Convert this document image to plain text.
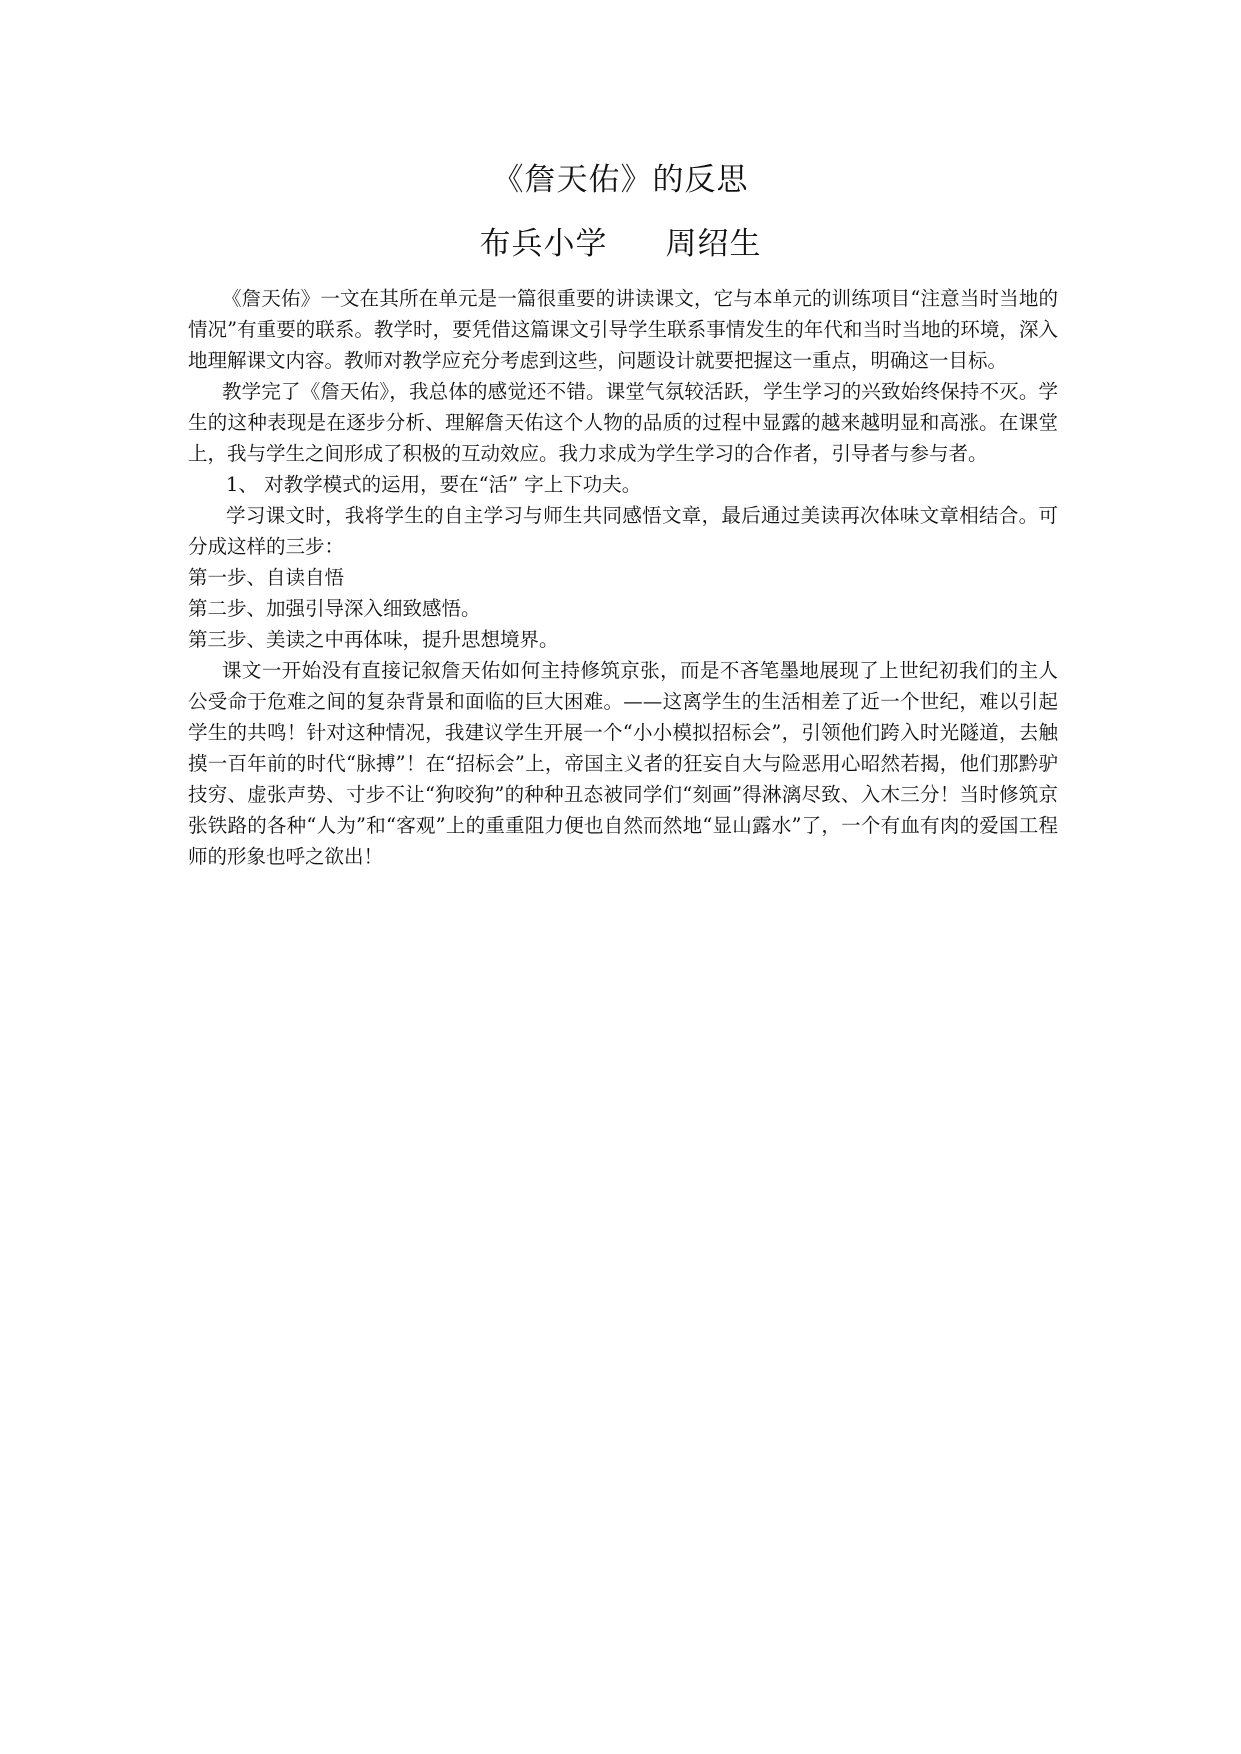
《詹天佑》的反思
布兵小学 周绍生

《詹天佑》一文在其所在单元是一篇很重要的讲读课文，它与本单元的训练项目“注意当时当地的情况”有重要的联系。教学时，要凭借这篇课文引导学生联系事情发生的年代和当时当地的环境，深入地理解课文内容。教师对教学应充分考虑到这些，问题设计就要把握这一重点，明确这一目标。

教学完了《詹天佑》，我总体的感觉还不错。课堂气氛较活跃，学生学习的兴致始终保持不灭。学生的这种表现是在逐步分析、理解詹天佑这个人物的品质的过程中显露的越来越明显和高涨。在课堂上，我与学生之间形成了积极的互动效应。我力求成为学生学习的合作者，引导者与参与者。

1、 对教学模式的运用，要在“活” 字上下功夫。

学习课文时，我将学生的自主学习与师生共同感悟文章，最后通过美读再次体味文章相结合。可分成这样的三步：

第一步、自读自悟

第二步、加强引导深入细致感悟。

第三步、美读之中再体味，提升思想境界。

课文一开始没有直接记叙詹天佑如何主持修筑京张，而是不吝笔墨地展现了上世纪初我们的主人公受命于危难之间的复杂背景和面临的巨大困难。——这离学生的生活相差了近一个世纪，难以引起学生的共鸣！针对这种情况，我建议学生开展一个“小小模拟招标会”，引领他们跨入时光隧道，去触摸一百年前的时代“脉搏”！在“招标会”上，帝国主义者的狂妄自大与险恶用心昭然若揭，他们那黔驴技穷、虚张声势、寸步不让“狗咬狗”的种种丑态被同学们“刻画”得淋漓尽致、入木三分！当时修筑京张铁路的各种“人为”和“客观”上的重重阻力便也自然而然地“显山露水”了，一个有血有肉的爱国工程师的形象也呼之欲出！
